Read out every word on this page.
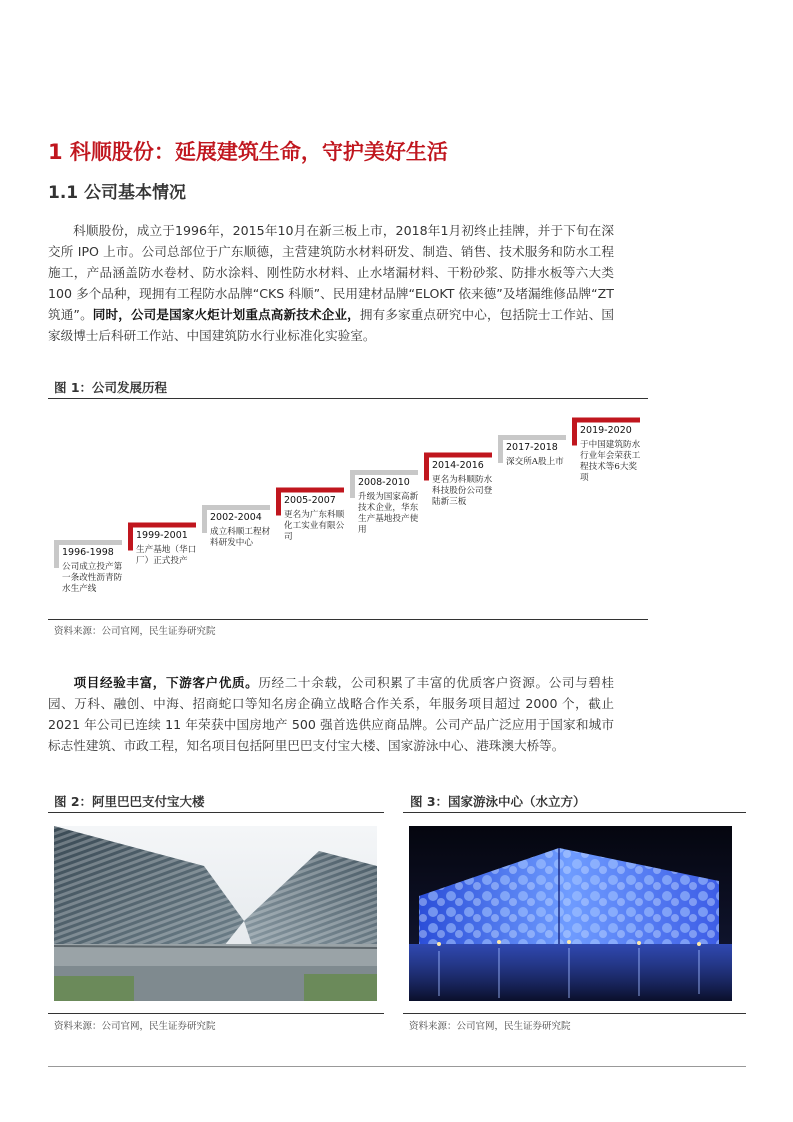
1 科顺股份：延展建筑生命，守护美好生活
1.1 公司基本情况
科顺股份，成立于1996年，2015年10月在新三板上市，2018年1月初终止挂牌，并于下旬在深交所 IPO 上市。公司总部位于广东顺德，主营建筑防水材料研发、制造、销售、技术服务和防水工程施工，产品涵盖防水卷材、防水涂料、刚性防水材料、止水堵漏材料、干粉砂浆、防排水板等六大类 100 多个品种，现拥有工程防水品牌“CKS 科顺”、民用建材品牌“ELOKT 依来德”及堵漏维修品牌“ZT 筑通”。同时，公司是国家火炬计划重点高新技术企业，拥有多家重点研究中心，包括院士工作站、国家级博士后科研工作站、中国建筑防水行业标准化实验室。
图 1：公司发展历程
1996-1998
公司成立投产第一条改性沥青防水生产线
1999-2001
生产基地（华口厂）正式投产
2002-2004
成立科顺工程材料研发中心
2005-2007
更名为广东科顺化工实业有限公司
2008-2010
升级为国家高新技术企业，华东生产基地投产使用
2014-2016
更名为科顺防水科技股份公司登陆新三板
2017-2018
深交所A股上市
2019-2020
于中国建筑防水行业年会荣获工程技术等6大奖项
资料来源：公司官网，民生证券研究院
项目经验丰富，下游客户优质。历经二十余载，公司积累了丰富的优质客户资源。公司与碧桂园、万科、融创、中海、招商蛇口等知名房企确立战略合作关系，年服务项目超过 2000 个，截止 2021 年公司已连续 11 年荣获中国房地产 500 强首选供应商品牌。公司产品广泛应用于国家和城市标志性建筑、市政工程，知名项目包括阿里巴巴支付宝大楼、国家游泳中心、港珠澳大桥等。
图 2：阿里巴巴支付宝大楼
资料来源：公司官网，民生证券研究院
图 3：国家游泳中心（水立方）
资料来源：公司官网，民生证券研究院
